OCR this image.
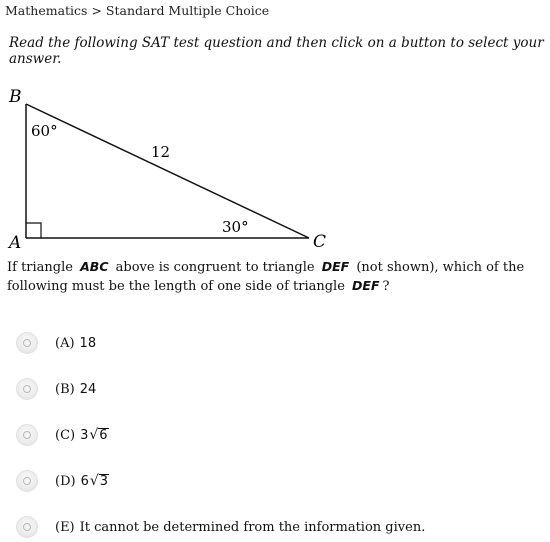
Mathematics > Standard Multiple Choice
Read the following SAT test question and then click on a button to select your answer.
B
A	C
60°
12
30°
If triangle ABC above is congruent to triangle DEF (not shown), which of the following must be the length of one side of triangle DEF ?
(A) 18
(B) 24
(C) 3 √ 6
(D) 6 √ 3
(E) It cannot be determined from the information given.
